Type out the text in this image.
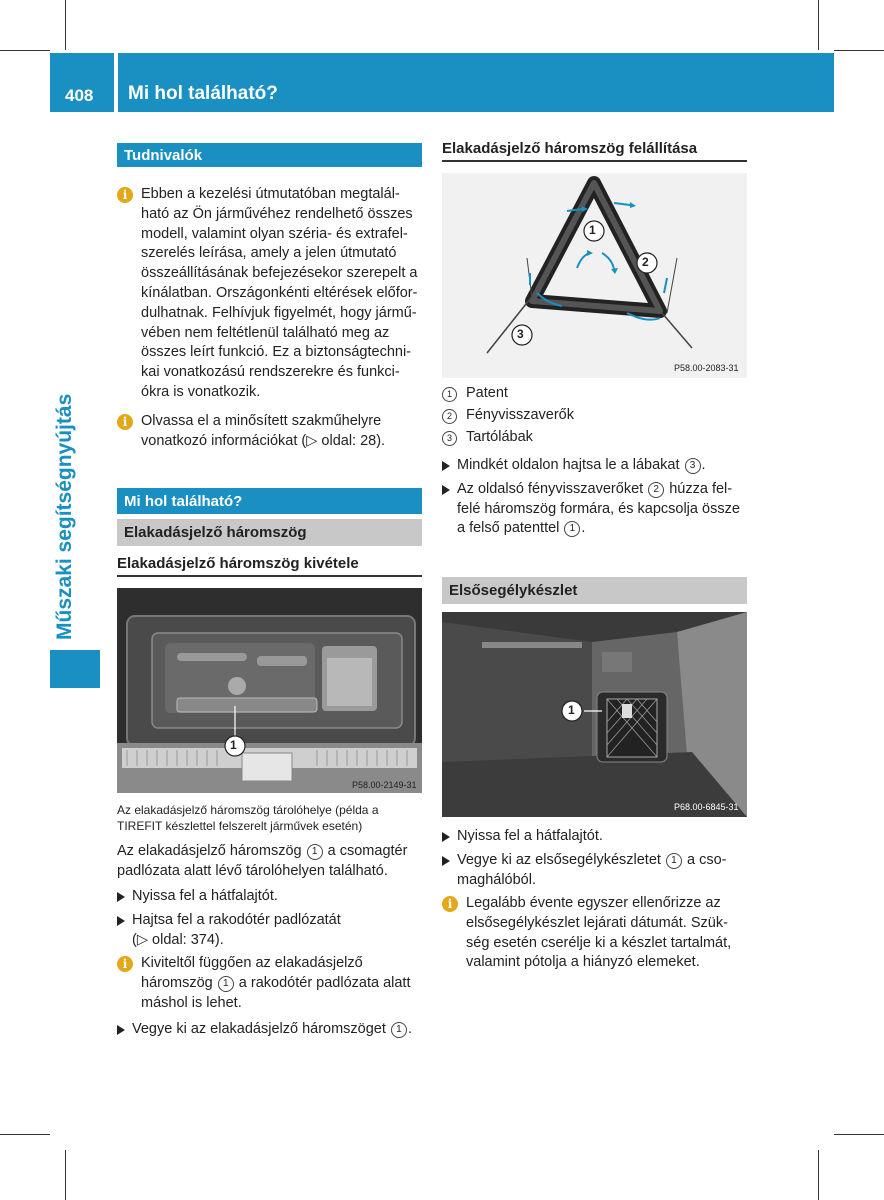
408 Mi hol található?
Műszaki segítségnyújtás
Tudnivalók

i Ebben a kezelési útmutatóban megtalál- ható az Ön járművéhez rendelhető összes modell, valamint olyan széria- és extrafel- szerelés leírása, amely a jelen útmutató összeállításának befejezésekor szerepelt a kínálatban. Országonkénti eltérések előfor- dulhatnak. Felhívjuk figyelmét, hogy jármű- vében nem feltétlenül található meg az összes leírt funkció. Ez a biztonságtechni- kai vonatkozású rendszerekre és funkci- ókra is vonatkozik.

i Olvassa el a minősített szakműhelyre vonatkozó információkat (▷ oldal: 28).

Mi hol található?
Elakadásjelző háromszög
Elakadásjelző háromszög kivétele
1
P58.00-2149-31
Az elakadásjelző háromszög tárolóhelye (példa a TIREFIT készlettel felszerelt járművek esetén)

Az elakadásjelző háromszög 1 a csomagtér padlózata alatt lévő tárolóhelyen található.

Nyissa fel a hátfalajtót.

Hajtsa fel a rakodótér padlózatát
(▷ oldal: 374).

i Kiviteltől függően az elakadásjelző háromszög 1 a rakodótér padlózata alatt máshol is lehet.

Vegye ki az elakadásjelző háromszöget 1 .

Elakadásjelző háromszög felállítása
1
2
3
P58.00-2083-31

1 Patent

2 Fényvisszaverők

3 Tartólábak

Mindkét oldalon hajtsa le a lábakat 3 .

Az oldalsó fényvisszaverőket 2 húzza fel- felé háromszög formára, és kapcsolja össze a felső patenttel 1 .

Elsősegélykészlet
1
P68.00-6845-31

Nyissa fel a hátfalajtót.

Vegye ki az elsősegélykészletet 1 a cso- maghálóból.

i Legalább évente egyszer ellenőrizze az elsősegélykészlet lejárati dátumát. Szük- ség esetén cserélje ki a készlet tartalmát, valamint pótolja a hiányzó elemeket.
